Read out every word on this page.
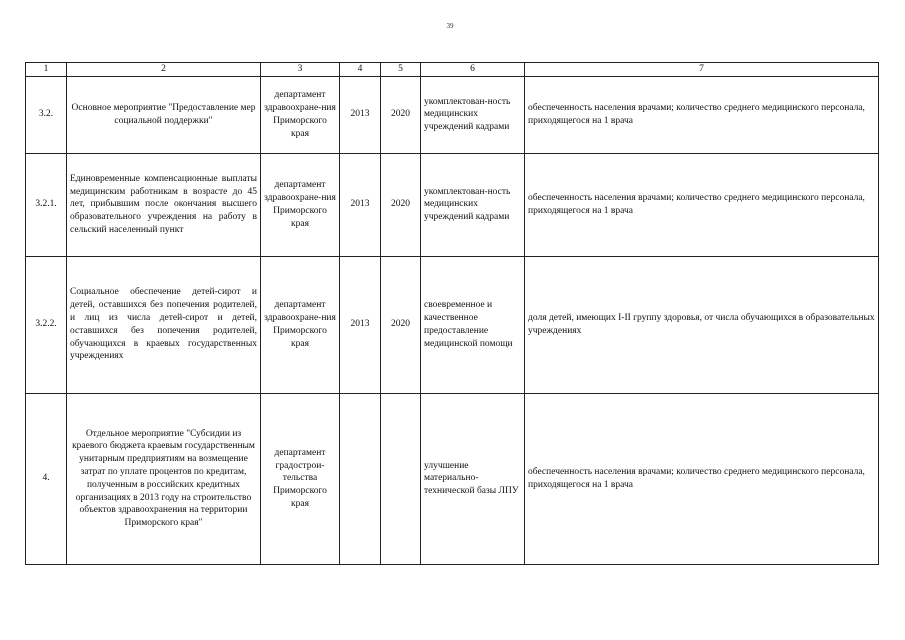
39
1	2	3	4	5	6	7
3.2.	Основное мероприятие "Предоставление мер социальной поддержки"	департамент здравоохране-ния Приморского края	2013	2020	укомплектован-ность медицинских учреждений кадрами	обеспеченность населения врачами; количество среднего медицинского персонала, приходящегося на 1 врача
3.2.1.	Единовременные компенсационные выплаты медицинским работникам в возрасте до 45 лет, прибывшим после окончания высшего образовательного учреждения на работу в сельский населенный пункт	департамент здравоохране-ния Приморского края	2013	2020	укомплектован-ность медицинских учреждений кадрами	обеспеченность населения врачами; количество среднего медицинского персонала, приходящегося на 1 врача
3.2.2.	Социальное обеспечение детей-сирот и детей, оставшихся без попечения родителей, и лиц из числа детей-сирот и детей, оставшихся без попечения родителей, обучающихся в краевых государственных учреждениях	департамент здравоохране-ния Приморского края	2013	2020	своевременное и качественное предоставление медицинской помощи	доля детей, имеющих I-II группу здоровья, от числа обучающихся в образовательных учреждениях
4.	Отдельное мероприятие "Субсидии из краевого бюджета краевым государственным унитарным предприятиям на возмещение затрат по уплате процентов по кредитам, полученным в российских кредитных организациях в 2013 году на строительство объектов здравоохранения на территории Приморского края"	департамент градострои-тельства Приморского края			улучшение материально-технической базы ЛПУ	обеспеченность населения врачами; количество среднего медицинского персонала, приходящегося на 1 врача
